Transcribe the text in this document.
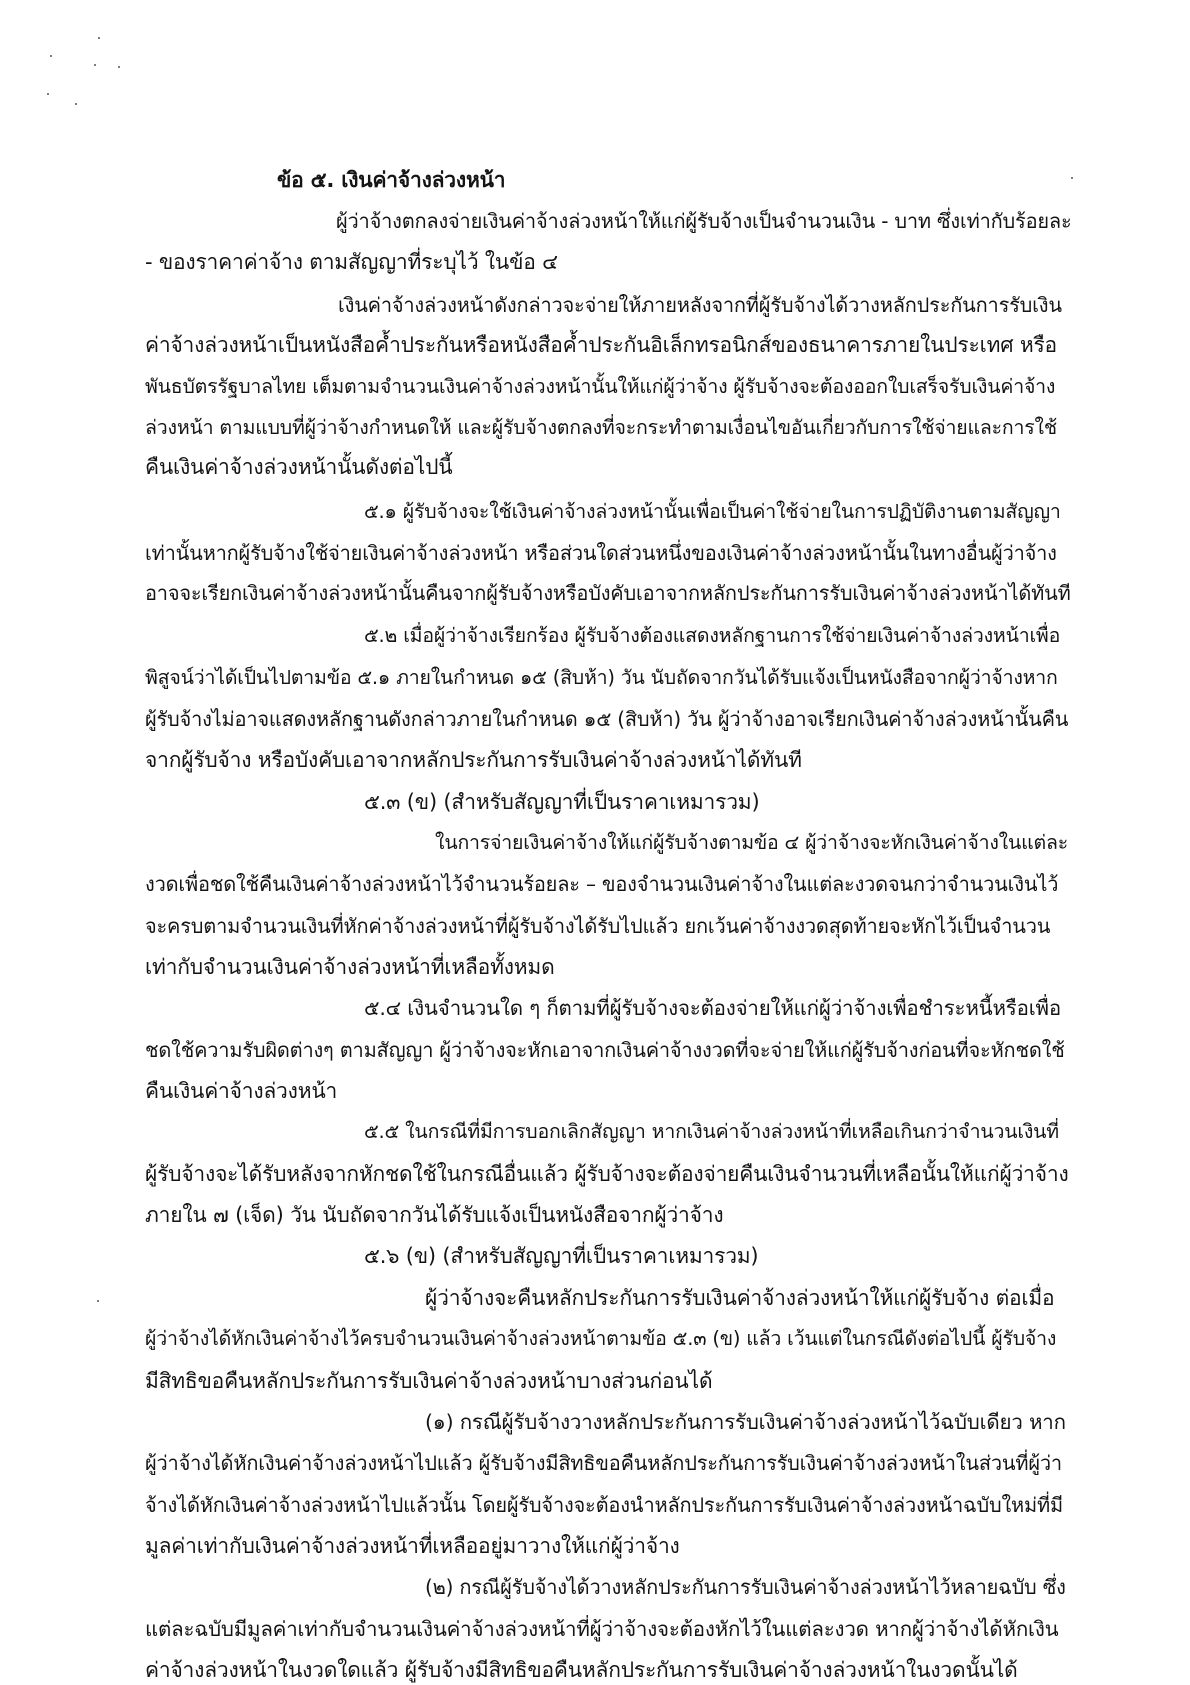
ข้อ ๕. เงินค่าจ้างล่วงหน้า
ผู้ว่าจ้างตกลงจ่ายเงินค่าจ้างล่วงหน้าให้แก่ผู้รับจ้างเป็นจำนวนเงิน - บาท ซึ่งเท่ากับร้อยละ
- ของราคาค่าจ้าง ตามสัญญาที่ระบุไว้ ในข้อ ๔
เงินค่าจ้างล่วงหน้าดังกล่าวจะจ่ายให้ภายหลังจากที่ผู้รับจ้างได้วางหลักประกันการรับเงิน
ค่าจ้างล่วงหน้าเป็นหนังสือค้ำประกันหรือหนังสือค้ำประกันอิเล็กทรอนิกส์ของธนาคารภายในประเทศ หรือ
พันธบัตรรัฐบาลไทย เต็มตามจำนวนเงินค่าจ้างล่วงหน้านั้นให้แก่ผู้ว่าจ้าง ผู้รับจ้างจะต้องออกใบเสร็จรับเงินค่าจ้าง
ล่วงหน้า ตามแบบที่ผู้ว่าจ้างกำหนดให้ และผู้รับจ้างตกลงที่จะกระทำตามเงื่อนไขอันเกี่ยวกับการใช้จ่ายและการใช้
คืนเงินค่าจ้างล่วงหน้านั้นดังต่อไปนี้
๕.๑ ผู้รับจ้างจะใช้เงินค่าจ้างล่วงหน้านั้นเพื่อเป็นค่าใช้จ่ายในการปฏิบัติงานตามสัญญา
เท่านั้นหากผู้รับจ้างใช้จ่ายเงินค่าจ้างล่วงหน้า หรือส่วนใดส่วนหนึ่งของเงินค่าจ้างล่วงหน้านั้นในทางอื่นผู้ว่าจ้าง
อาจจะเรียกเงินค่าจ้างล่วงหน้านั้นคืนจากผู้รับจ้างหรือบังคับเอาจากหลักประกันการรับเงินค่าจ้างล่วงหน้าได้ทันที
๕.๒ เมื่อผู้ว่าจ้างเรียกร้อง ผู้รับจ้างต้องแสดงหลักฐานการใช้จ่ายเงินค่าจ้างล่วงหน้าเพื่อ
พิสูจน์ว่าได้เป็นไปตามข้อ ๕.๑ ภายในกำหนด ๑๕ (สิบห้า) วัน นับถัดจากวันได้รับแจ้งเป็นหนังสือจากผู้ว่าจ้างหาก
ผู้รับจ้างไม่อาจแสดงหลักฐานดังกล่าวภายในกำหนด ๑๕ (สิบห้า) วัน ผู้ว่าจ้างอาจเรียกเงินค่าจ้างล่วงหน้านั้นคืน
จากผู้รับจ้าง หรือบังคับเอาจากหลักประกันการรับเงินค่าจ้างล่วงหน้าได้ทันที
๕.๓ (ข) (สำหรับสัญญาที่เป็นราคาเหมารวม)
ในการจ่ายเงินค่าจ้างให้แก่ผู้รับจ้างตามข้อ ๔ ผู้ว่าจ้างจะหักเงินค่าจ้างในแต่ละ
งวดเพื่อชดใช้คืนเงินค่าจ้างล่วงหน้าไว้จำนวนร้อยละ – ของจำนวนเงินค่าจ้างในแต่ละงวดจนกว่าจำนวนเงินไว้
จะครบตามจำนวนเงินที่หักค่าจ้างล่วงหน้าที่ผู้รับจ้างได้รับไปแล้ว ยกเว้นค่าจ้างงวดสุดท้ายจะหักไว้เป็นจำนวน
เท่ากับจำนวนเงินค่าจ้างล่วงหน้าที่เหลือทั้งหมด
๕.๔ เงินจำนวนใด ๆ ก็ตามที่ผู้รับจ้างจะต้องจ่ายให้แก่ผู้ว่าจ้างเพื่อชำระหนี้หรือเพื่อ
ชดใช้ความรับผิดต่างๆ ตามสัญญา ผู้ว่าจ้างจะหักเอาจากเงินค่าจ้างงวดที่จะจ่ายให้แก่ผู้รับจ้างก่อนที่จะหักชดใช้
คืนเงินค่าจ้างล่วงหน้า
๕.๕ ในกรณีที่มีการบอกเลิกสัญญา หากเงินค่าจ้างล่วงหน้าที่เหลือเกินกว่าจำนวนเงินที่
ผู้รับจ้างจะได้รับหลังจากหักชดใช้ในกรณีอื่นแล้ว ผู้รับจ้างจะต้องจ่ายคืนเงินจำนวนที่เหลือนั้นให้แก่ผู้ว่าจ้าง
ภายใน ๗ (เจ็ด) วัน นับถัดจากวันได้รับแจ้งเป็นหนังสือจากผู้ว่าจ้าง
๕.๖ (ข) (สำหรับสัญญาที่เป็นราคาเหมารวม)
ผู้ว่าจ้างจะคืนหลักประกันการรับเงินค่าจ้างล่วงหน้าให้แก่ผู้รับจ้าง ต่อเมื่อ
ผู้ว่าจ้างได้หักเงินค่าจ้างไว้ครบจำนวนเงินค่าจ้างล่วงหน้าตามข้อ ๕.๓ (ข) แล้ว เว้นแต่ในกรณีดังต่อไปนี้ ผู้รับจ้าง
มีสิทธิขอคืนหลักประกันการรับเงินค่าจ้างล่วงหน้าบางส่วนก่อนได้
(๑) กรณีผู้รับจ้างวางหลักประกันการรับเงินค่าจ้างล่วงหน้าไว้ฉบับเดียว หาก
ผู้ว่าจ้างได้หักเงินค่าจ้างล่วงหน้าไปแล้ว ผู้รับจ้างมีสิทธิขอคืนหลักประกันการรับเงินค่าจ้างล่วงหน้าในส่วนที่ผู้ว่า
จ้างได้หักเงินค่าจ้างล่วงหน้าไปแล้วนั้น โดยผู้รับจ้างจะต้องนำหลักประกันการรับเงินค่าจ้างล่วงหน้าฉบับใหม่ที่มี
มูลค่าเท่ากับเงินค่าจ้างล่วงหน้าที่เหลืออยู่มาวางให้แก่ผู้ว่าจ้าง
(๒) กรณีผู้รับจ้างได้วางหลักประกันการรับเงินค่าจ้างล่วงหน้าไว้หลายฉบับ ซึ่ง
แต่ละฉบับมีมูลค่าเท่ากับจำนวนเงินค่าจ้างล่วงหน้าที่ผู้ว่าจ้างจะต้องหักไว้ในแต่ละงวด หากผู้ว่าจ้างได้หักเงิน
ค่าจ้างล่วงหน้าในงวดใดแล้ว ผู้รับจ้างมีสิทธิขอคืนหลักประกันการรับเงินค่าจ้างล่วงหน้าในงวดนั้นได้
